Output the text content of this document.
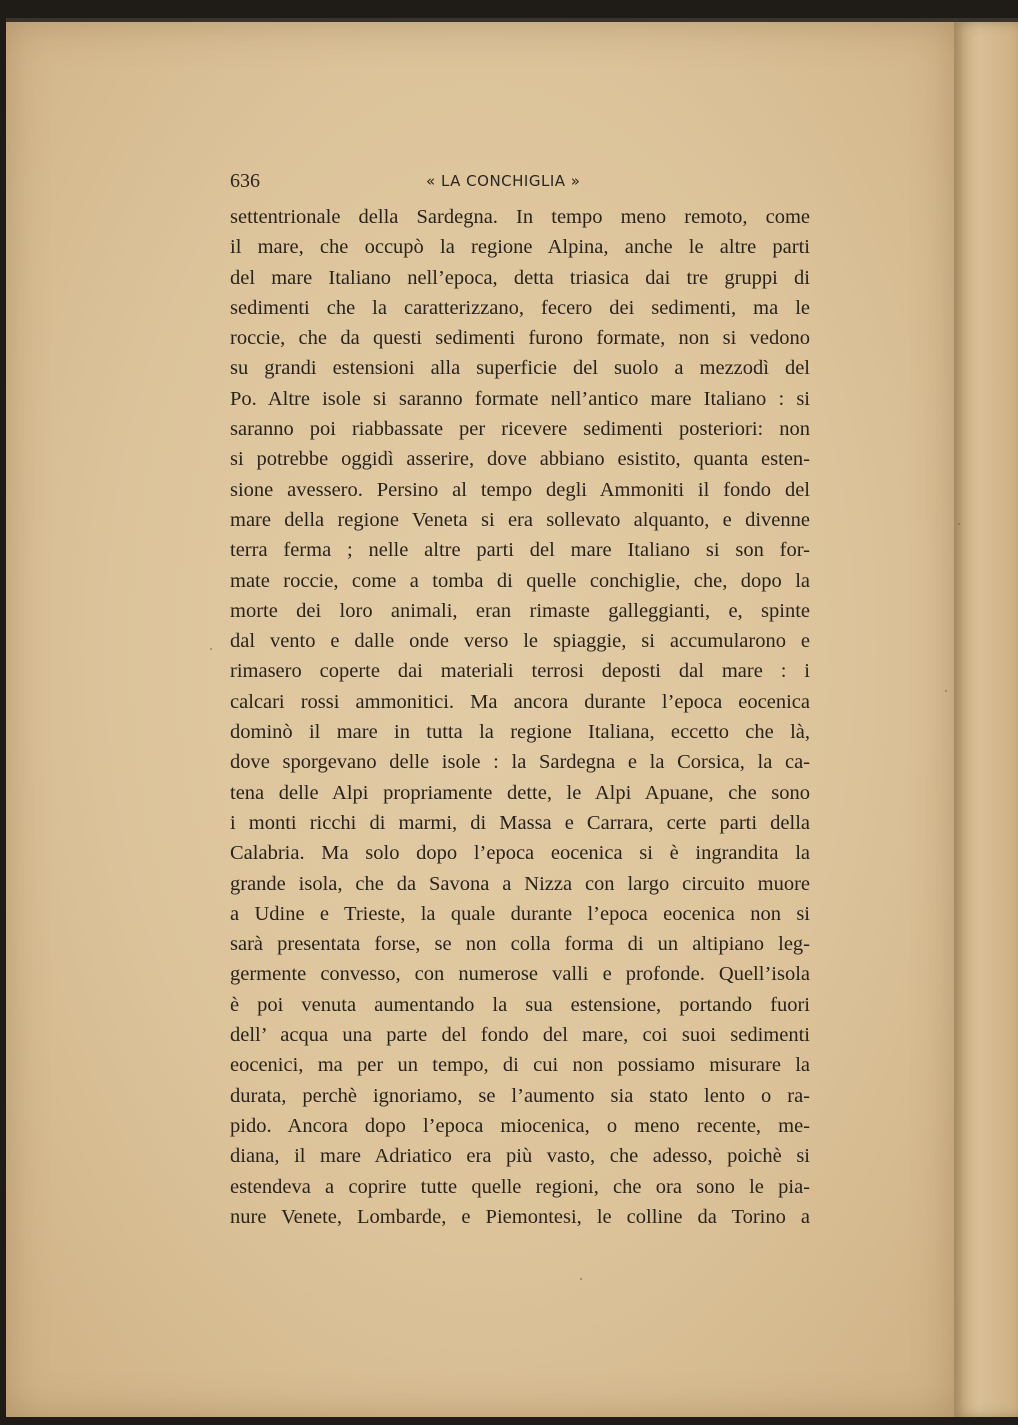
636	« LA CONCHIGLIA »
settentrionale della Sardegna. In tempo meno remoto, come
il mare, che occupò la regione Alpina, anche le altre parti
del mare Italiano nell’epoca, detta triasica dai tre gruppi di
sedimenti che la caratterizzano, fecero dei sedimenti, ma le
roccie, che da questi sedimenti furono formate, non si vedono
su grandi estensioni alla superficie del suolo a mezzodì del
Po. Altre isole si saranno formate nell’antico mare Italiano : si
saranno poi riabbassate per ricevere sedimenti posteriori: non
si potrebbe oggidì asserire, dove abbiano esistito, quanta esten-
sione avessero. Persino al tempo degli Ammoniti il fondo del
mare della regione Veneta si era sollevato alquanto, e divenne
terra ferma ; nelle altre parti del mare Italiano si son for-
mate roccie, come a tomba di quelle conchiglie, che, dopo la
morte dei loro animali, eran rimaste galleggianti, e, spinte
dal vento e dalle onde verso le spiaggie, si accumularono e
rimasero coperte dai materiali terrosi deposti dal mare : i
calcari rossi ammonitici. Ma ancora durante l’epoca eocenica
dominò il mare in tutta la regione Italiana, eccetto che là,
dove sporgevano delle isole : la Sardegna e la Corsica, la ca-
tena delle Alpi propriamente dette, le Alpi Apuane, che sono
i monti ricchi di marmi, di Massa e Carrara, certe parti della
Calabria. Ma solo dopo l’epoca eocenica si è ingrandita la
grande isola, che da Savona a Nizza con largo circuito muore
a Udine e Trieste, la quale durante l’epoca eocenica non si
sarà presentata forse, se non colla forma di un altipiano leg-
germente convesso, con numerose valli e profonde. Quell’isola
è poi venuta aumentando la sua estensione, portando fuori
dell’ acqua una parte del fondo del mare, coi suoi sedimenti
eocenici, ma per un tempo, di cui non possiamo misurare la
durata, perchè ignoriamo, se l’aumento sia stato lento o ra-
pido. Ancora dopo l’epoca miocenica, o meno recente, me-
diana, il mare Adriatico era più vasto, che adesso, poichè si
estendeva a coprire tutte quelle regioni, che ora sono le pia-
nure Venete, Lombarde, e Piemontesi, le colline da Torino a
